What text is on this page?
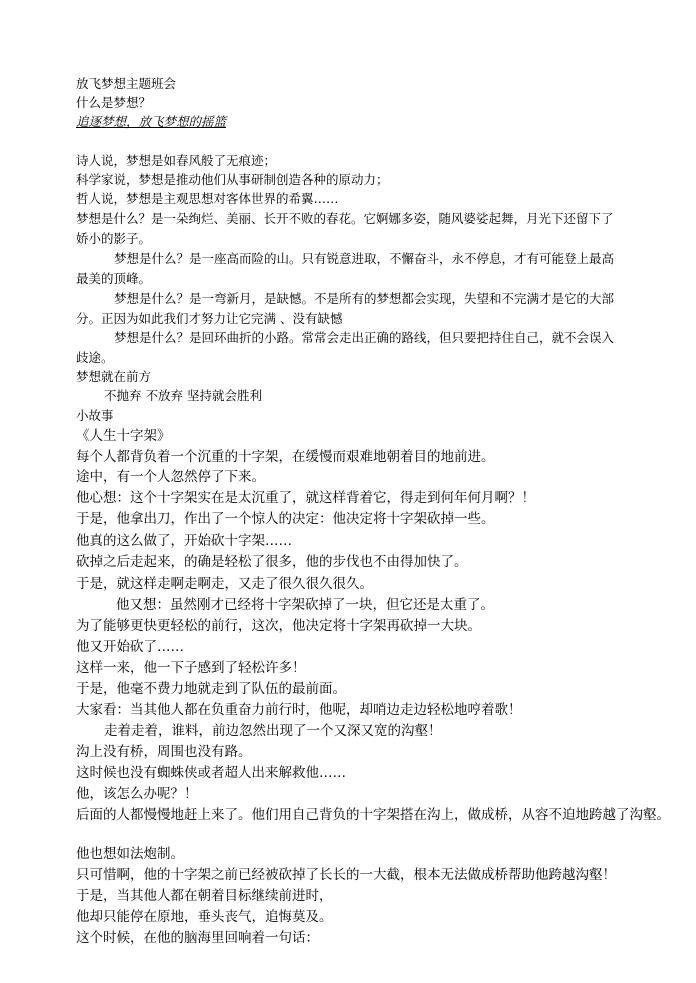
放飞梦想主题班会
什么是梦想？
追逐梦想，放飞梦想的摇篮
诗人说，梦想是如春风般了无痕迹；
科学家说，梦想是推动他们从事研制创造各种的原动力；
哲人说，梦想是主观思想对客体世界的希翼……
梦想是什么？是一朵绚烂、美丽、长开不败的春花。它婀娜多姿，随风婆娑起舞，月光下还留下了
娇小的影子。
梦想是什么？是一座高而险的山。只有锐意进取，不懈奋斗，永不停息，才有可能登上最高
最美的顶峰。
梦想是什么？是一弯新月，是缺憾。不是所有的梦想都会实现，失望和不完满才是它的大部
分。正因为如此我们才努力让它完满 、没有缺憾
梦想是什么？是回环曲折的小路。常常会走出正确的路线，但只要把持住自己，就不会误入
歧途。
梦想就在前方
不抛弃 不放弃 坚持就会胜利
小故事
《人生十字架》
每个人都背负着一个沉重的十字架，在缓慢而艰难地朝着目的地前进。
途中，有一个人忽然停了下来。
他心想：这个十字架实在是太沉重了，就这样背着它，得走到何年何月啊？！
于是，他拿出刀，作出了一个惊人的决定：他决定将十字架砍掉一些。
他真的这么做了，开始砍十字架……
砍掉之后走起来，的确是轻松了很多，他的步伐也不由得加快了。
于是，就这样走啊走啊走，又走了很久很久很久。
他又想：虽然刚才已经将十字架砍掉了一块，但它还是太重了。
为了能够更快更轻松的前行，这次，他决定将十字架再砍掉一大块。
他又开始砍了……
这样一来，他一下子感到了轻松许多！
于是，他毫不费力地就走到了队伍的最前面。
大家看：当其他人都在负重奋力前行时，他呢，却哨边走边轻松地哼着歌！
走着走着，谁料，前边忽然出现了一个又深又宽的沟壑！
沟上没有桥，周围也没有路。
这时候也没有蜘蛛侠或者超人出来解救他……
他，该怎么办呢？！
后面的人都慢慢地赶上来了。他们用自己背负的十字架搭在沟上，做成桥，从容不迫地跨越了沟壑。
他也想如法炮制。
只可惜啊，他的十字架之前已经被砍掉了长长的一大截，根本无法做成桥帮助他跨越沟壑！
于是，当其他人都在朝着目标继续前进时，
他却只能停在原地，垂头丧气，追悔莫及。
这个时候，在他的脑海里回响着一句话：
